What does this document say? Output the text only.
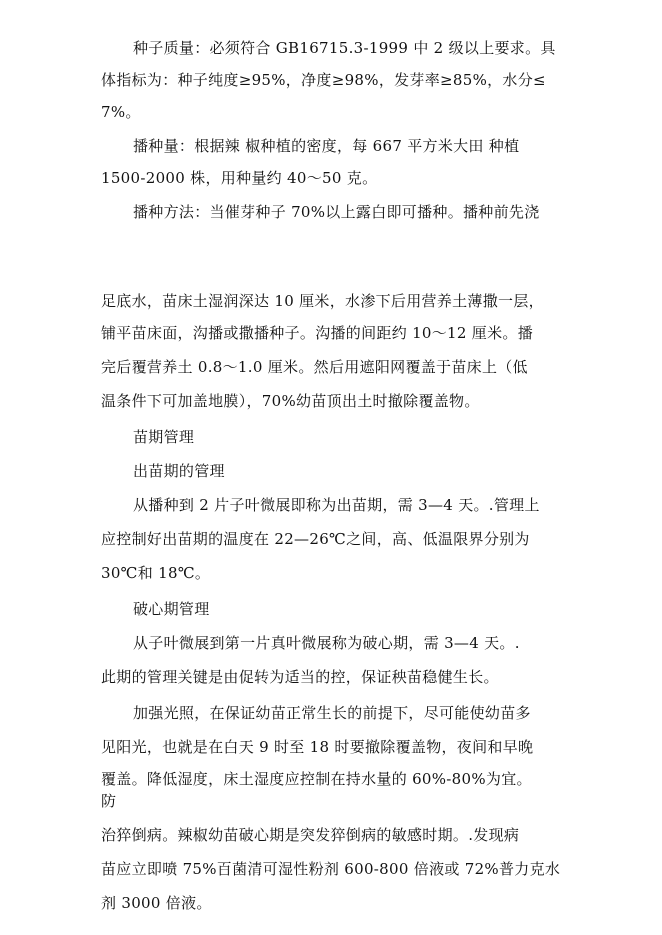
种子质量：必须符合 GB16715.3-1999 中 2 级以上要求。具
体指标为：种子纯度≥95%，净度≥98%，发芽率≥85%，水分≤
7%。
播种量：根据辣 椒种植的密度，每 667 平方米大田 种植
1500-2000 株，用种量约 40～50 克。
播种方法：当催芽种子 70%以上露白即可播种。播种前先浇
足底水，苗床土湿润深达 10 厘米，水渗下后用营养土薄撒一层，
铺平苗床面，沟播或撒播种子。沟播的间距约 10～12 厘米。播
完后覆营养土 0.8～1.0 厘米。然后用遮阳网覆盖于苗床上（低
温条件下可加盖地膜），70%幼苗顶出土时撤除覆盖物。
苗期管理
出苗期的管理
从播种到 2 片子叶微展即称为出苗期，需 3—4 天。.管理上
应控制好出苗期的温度在 22—26℃之间，高、低温限界分别为
30℃和 18℃。
破心期管理
从子叶微展到第一片真叶微展称为破心期，需 3—4 天。.
此期的管理关键是由促转为适当的控，保证秧苗稳健生长。
加强光照，在保证幼苗正常生长的前提下，尽可能使幼苗多
见阳光，也就是在白天 9 时至 18 时要撤除覆盖物，夜间和早晚
覆盖。降低湿度，床土湿度应控制在持水量的 60%-80%为宜。
防
治猝倒病。辣椒幼苗破心期是突发猝倒病的敏感时期。.发现病
苗应立即喷 75%百菌清可湿性粉剂 600-800 倍液或 72%普力克水
剂 3000 倍液。
